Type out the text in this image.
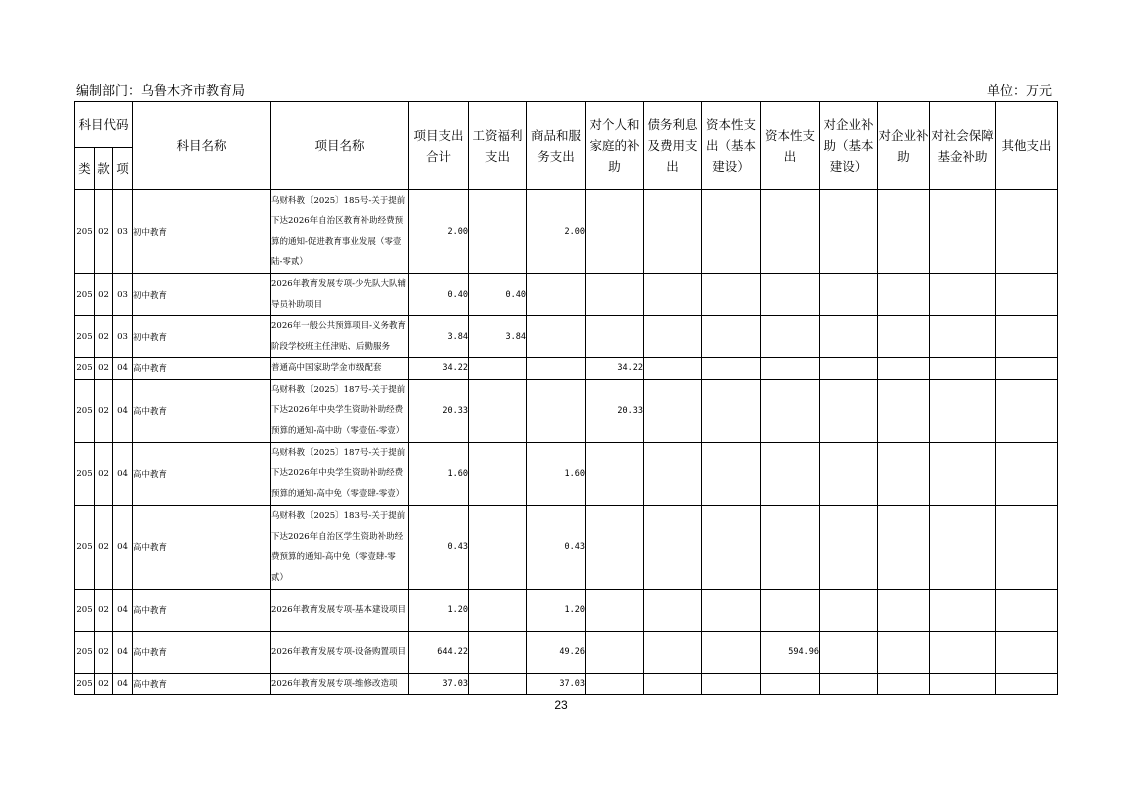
编制部门：乌鲁木齐市教育局	单位：万元
科目代码			科目名称	项目名称	项目支出合计	工资福利支出	商品和服务支出	对个人和家庭的补助	债务利息及费用支出	资本性支出（基本建设）	资本性支出	对企业补助（基本建设）	对企业补助	对社会保障基金补助	其他支出
类	款	项													
205	02	03	初中教育	乌财科教〔2025〕185号-关于提前下达2026年自治区教育补助经费预算的通知-促进教育事业发展（零壹陆-零贰）	2.00		2.00								
205	02	03	初中教育	2026年教育发展专项-少先队大队辅导员补助项目	0.40	0.40									
205	02	03	初中教育	2026年一般公共预算项目-义务教育阶段学校班主任津贴、后勤服务	3.84	3.84									
205	02	04	高中教育	普通高中国家助学金市级配套	34.22			34.22							
205	02	04	高中教育	乌财科教〔2025〕187号-关于提前下达2026年中央学生资助补助经费预算的通知-高中助（零壹伍-零壹）	20.33			20.33							
205	02	04	高中教育	乌财科教〔2025〕187号-关于提前下达2026年中央学生资助补助经费预算的通知-高中免（零壹肆-零壹）	1.60		1.60								
205	02	04	高中教育	乌财科教〔2025〕183号-关于提前下达2026年自治区学生资助补助经费预算的通知-高中免（零壹肆-零贰）	0.43		0.43								
205	02	04	高中教育	2026年教育发展专项-基本建设项目	1.20		1.20								
205	02	04	高中教育	2026年教育发展专项-设备购置项目	644.22		49.26				594.96				
205	02	04	高中教育	2026年教育发展专项-维修改造项	37.03		37.03								
23
